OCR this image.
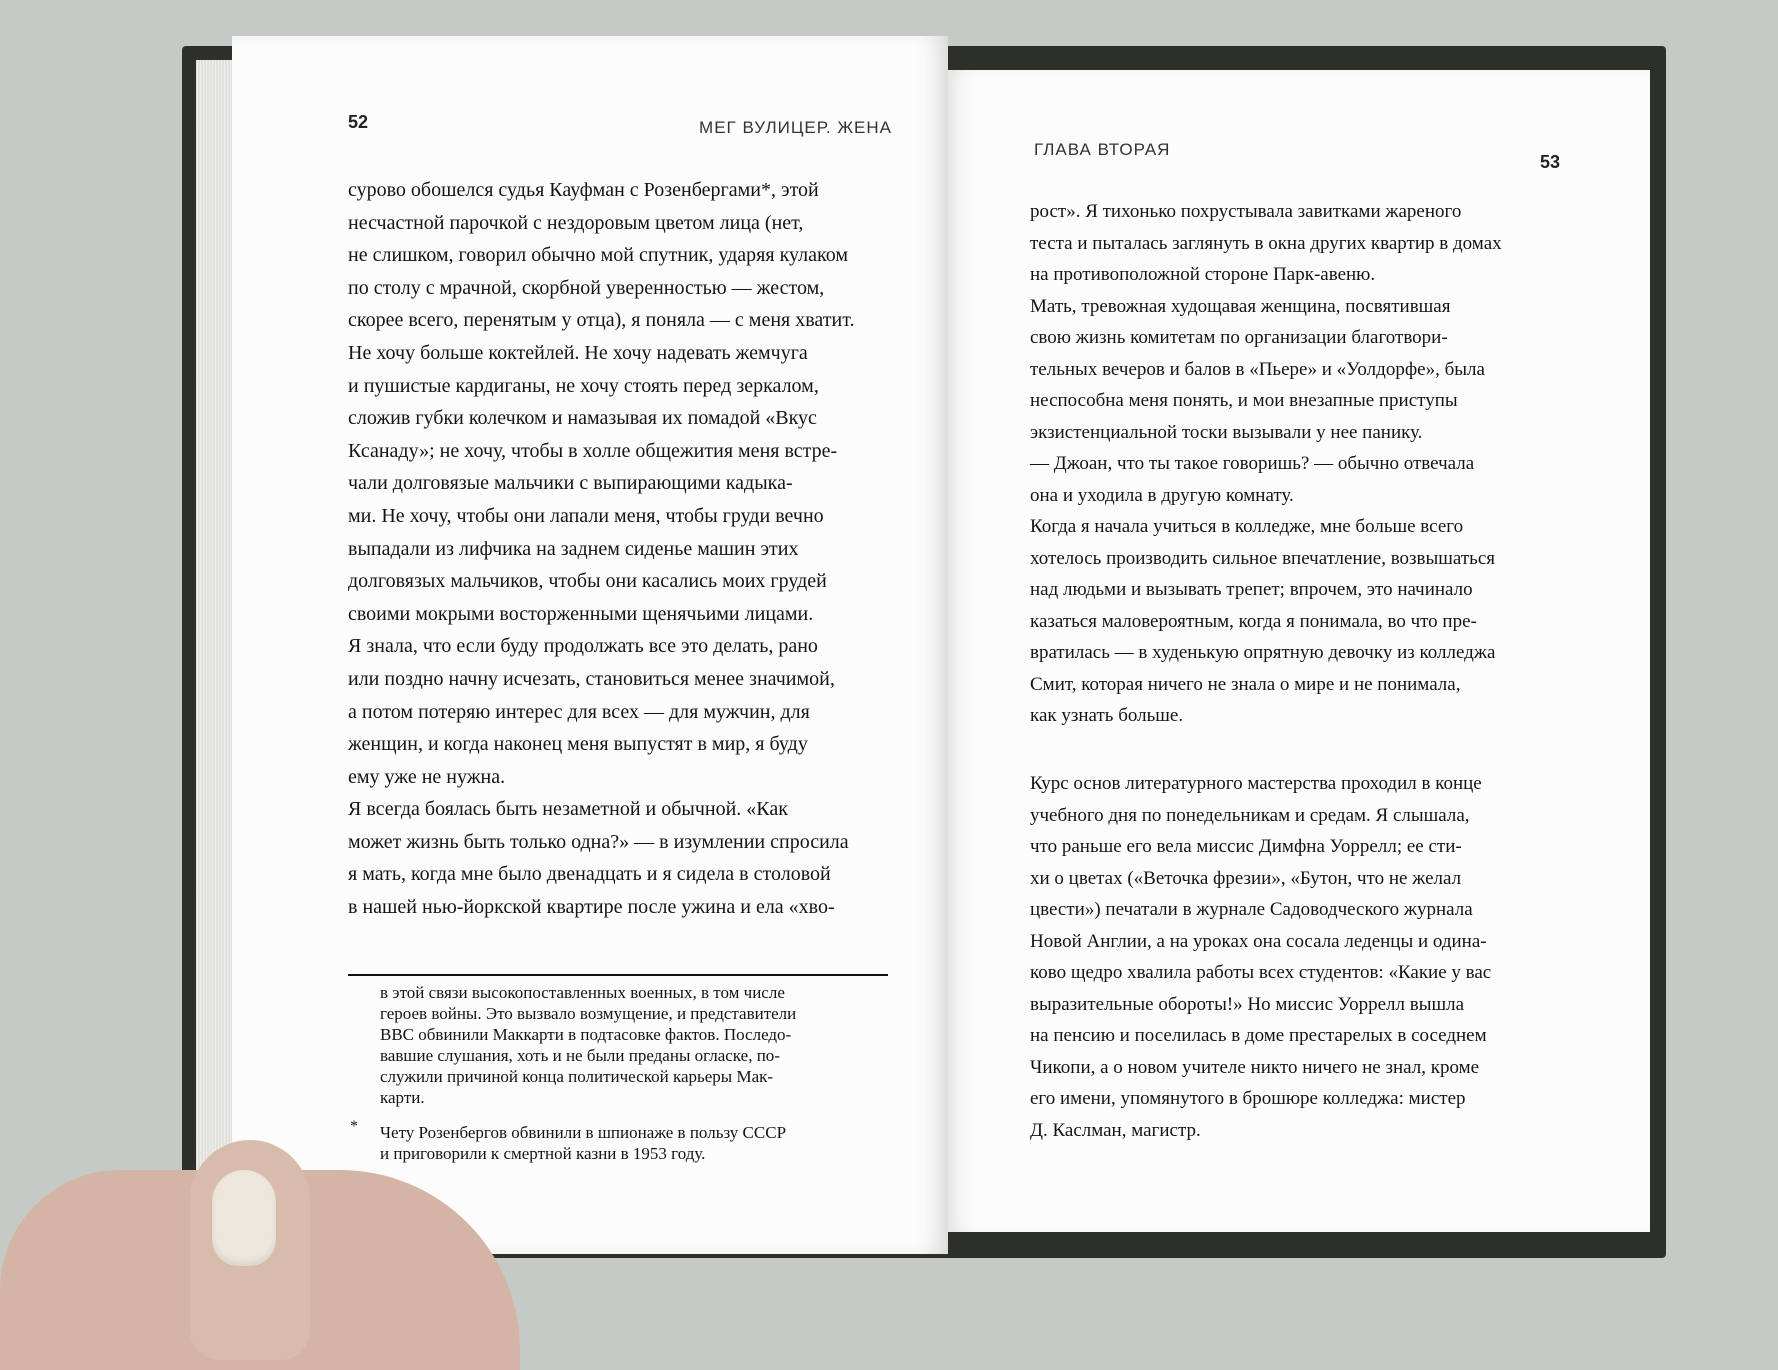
52	МЕГ ВУЛИЦЕР. ЖЕНА

сурово обошелся судья Кауфман с Розенбергами*, этой
несчастной парочкой с нездоровым цветом лица (нет,
не слишком, говорил обычно мой спутник, ударяя кулаком
по столу с мрачной, скорбной уверенностью — жестом,
скорее всего, перенятым у отца), я поняла — с меня хватит.
Не хочу больше коктейлей. Не хочу надевать жемчуга
и пушистые кардиганы, не хочу стоять перед зеркалом,
сложив губки колечком и намазывая их помадой «Вкус
Ксанаду»; не хочу, чтобы в холле общежития меня встре-
чали долговязые мальчики с выпирающими кадыка-
ми. Не хочу, чтобы они лапали меня, чтобы груди вечно
выпадали из лифчика на заднем сиденье машин этих
долговязых мальчиков, чтобы они касались моих грудей
своими мокрыми восторженными щенячьими лицами.
Я знала, что если буду продолжать все это делать, рано
или поздно начну исчезать, становиться менее значимой,
а потом потеряю интерес для всех — для мужчин, для
женщин, и когда наконец меня выпустят в мир, я буду
ему уже не нужна.
Я всегда боялась быть незаметной и обычной. «Как
может жизнь быть только одна?» — в изумлении спросила
я мать, когда мне было двенадцать и я сидела в столовой
в нашей нью-йоркской квартире после ужина и ела «хво-

в этой связи высокопоставленных военных, в том числе
героев войны. Это вызвало возмущение, и представители
ВВС обвинили Маккарти в подтасовке фактов. Последо-
вавшие слушания, хоть и не были преданы огласке, по-
служили причиной конца политической карьеры Мак-
карти.

* Чету Розенбергов обвинили в шпионаже в пользу СССР
и приговорили к смертной казни в 1953 году.

ГЛАВА ВТОРАЯ
53

рост». Я тихонько похрустывала завитками жареного
теста и пыталась заглянуть в окна других квартир в домах
на противоположной стороне Парк-авеню.
Мать, тревожная худощавая женщина, посвятившая
свою жизнь комитетам по организации благотвори-
тельных вечеров и балов в «Пьере» и «Уолдорфе», была
неспособна меня понять, и мои внезапные приступы
экзистенциальной тоски вызывали у нее панику.
— Джоан, что ты такое говоришь? — обычно отвечала
она и уходила в другую комнату.
Когда я начала учиться в колледже, мне больше всего
хотелось производить сильное впечатление, возвышаться
над людьми и вызывать трепет; впрочем, это начинало
казаться маловероятным, когда я понимала, во что пре-
вратилась — в худенькую опрятную девочку из колледжа
Смит, которая ничего не знала о мире и не понимала,
как узнать больше.

Курс основ литературного мастерства проходил в конце
учебного дня по понедельникам и средам. Я слышала,
что раньше его вела миссис Димфна Уоррелл; ее сти-
хи о цветах («Веточка фрезии», «Бутон, что не желал
цвести») печатали в журнале Садоводческого журнала
Новой Англии, а на уроках она сосала леденцы и одина-
ково щедро хвалила работы всех студентов: «Какие у вас
выразительные обороты!» Но миссис Уоррелл вышла
на пенсию и поселилась в доме престарелых в соседнем
Чикопи, а о новом учителе никто ничего не знал, кроме
его имени, упомянутого в брошюре колледжа: мистер
Д. Каслман, магистр.
